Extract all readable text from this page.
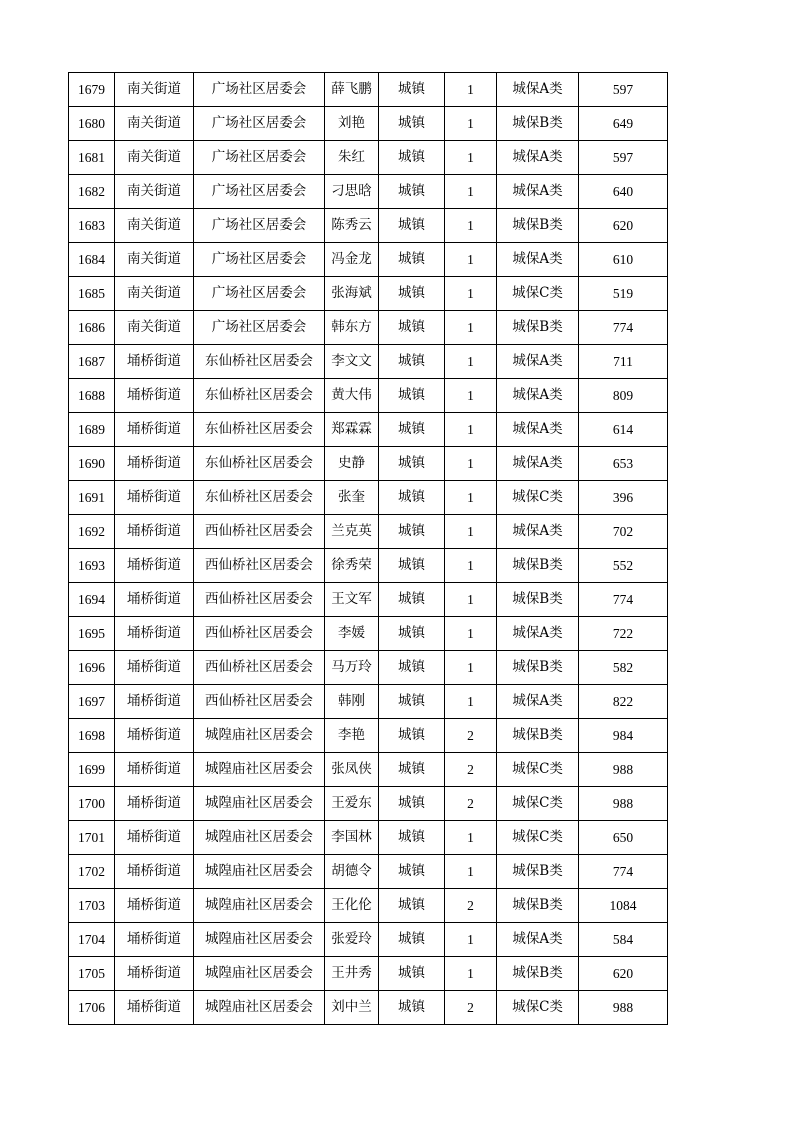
1679	南关街道	广场社区居委会	薛飞鹏	城镇	1	城保A类	597
1680	南关街道	广场社区居委会	刘艳	城镇	1	城保B类	649
1681	南关街道	广场社区居委会	朱红	城镇	1	城保A类	597
1682	南关街道	广场社区居委会	刁思晗	城镇	1	城保A类	640
1683	南关街道	广场社区居委会	陈秀云	城镇	1	城保B类	620
1684	南关街道	广场社区居委会	冯金龙	城镇	1	城保A类	610
1685	南关街道	广场社区居委会	张海斌	城镇	1	城保C类	519
1686	南关街道	广场社区居委会	韩东方	城镇	1	城保B类	774
1687	埇桥街道	东仙桥社区居委会	李文文	城镇	1	城保A类	711
1688	埇桥街道	东仙桥社区居委会	黄大伟	城镇	1	城保A类	809
1689	埇桥街道	东仙桥社区居委会	郑霖霖	城镇	1	城保A类	614
1690	埇桥街道	东仙桥社区居委会	史静	城镇	1	城保A类	653
1691	埇桥街道	东仙桥社区居委会	张奎	城镇	1	城保C类	396
1692	埇桥街道	西仙桥社区居委会	兰克英	城镇	1	城保A类	702
1693	埇桥街道	西仙桥社区居委会	徐秀荣	城镇	1	城保B类	552
1694	埇桥街道	西仙桥社区居委会	王文军	城镇	1	城保B类	774
1695	埇桥街道	西仙桥社区居委会	李媛	城镇	1	城保A类	722
1696	埇桥街道	西仙桥社区居委会	马万玲	城镇	1	城保B类	582
1697	埇桥街道	西仙桥社区居委会	韩刚	城镇	1	城保A类	822
1698	埇桥街道	城隍庙社区居委会	李艳	城镇	2	城保B类	984
1699	埇桥街道	城隍庙社区居委会	张凤侠	城镇	2	城保C类	988
1700	埇桥街道	城隍庙社区居委会	王爱东	城镇	2	城保C类	988
1701	埇桥街道	城隍庙社区居委会	李国林	城镇	1	城保C类	650
1702	埇桥街道	城隍庙社区居委会	胡德令	城镇	1	城保B类	774
1703	埇桥街道	城隍庙社区居委会	王化伦	城镇	2	城保B类	1084
1704	埇桥街道	城隍庙社区居委会	张爱玲	城镇	1	城保A类	584
1705	埇桥街道	城隍庙社区居委会	王井秀	城镇	1	城保B类	620
1706	埇桥街道	城隍庙社区居委会	刘中兰	城镇	2	城保C类	988
